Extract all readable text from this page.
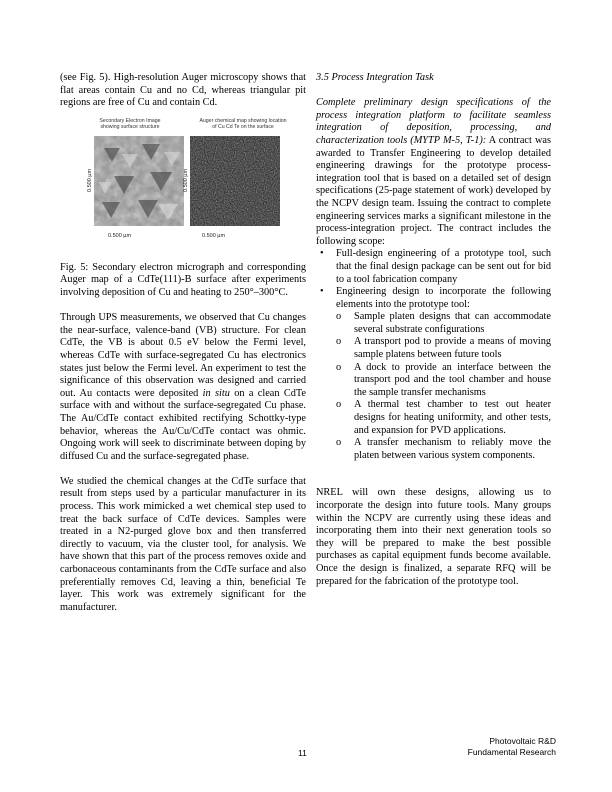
(see Fig. 5). High-resolution Auger microscopy shows that flat areas contain Cu and no Cd, whereas triangular pit regions are free of Cu and contain Cd.

Secondary Electron Image
showing surface structure
Auger chemical map showing location
of Cu Cd Te on the surface
0.500 µm	0.500 µm
0.500 µm	0.500 µm

Fig. 5: Secondary electron micrograph and corresponding Auger map of a CdTe(111)-B surface after experiments involving deposition of Cu and heating to 250°–300°C.

Through UPS measurements, we observed that Cu changes the near-surface, valence-band (VB) structure. For clean CdTe, the VB is about 0.5 eV below the Fermi level, whereas CdTe with surface-segregated Cu has electronics states just below the Fermi level. An experiment to test the significance of this observation was designed and carried out. Au contacts were deposited in situ on a clean CdTe surface with and without the surface-segregated Cu phase. The Au/CdTe contact exhibited rectifying Schottky-type behavior, whereas the Au/Cu/CdTe contact was ohmic. Ongoing work will seek to discriminate between doping by diffused Cu and the surface-segregated phase.

We studied the chemical changes at the CdTe surface that result from steps used by a particular manufacturer in its process. This work mimicked a wet chemical step used to treat the back surface of CdTe devices. Samples were treated in a N2-purged glove box and then transferred directly to vacuum, via the cluster tool, for analysis. We have shown that this part of the process removes oxide and carbonaceous contaminants from the CdTe surface and also preferentially removes Cd, leaving a thin, beneficial Te layer. This work was extremely significant for the manufacturer.

3.5 Process Integration Task

Complete preliminary design specifications of the process integration platform to facilitate seamless integration of deposition, processing, and characterization tools (MYTP M-5, T-1): A contract was awarded to Transfer Engineering to develop detailed engineering drawings for the prototype process-integration tool that is based on a detailed set of design specifications (25-page statement of work) developed by the NCPV design team. Issuing the contract to complete engineering services marks a significant milestone in the process-integration project. The contract includes the following scope:

• Full-design engineering of a prototype tool, such that the final design package can be sent out for bid to a tool fabrication company
• Engineering design to incorporate the following elements into the prototype tool:
o Sample platen designs that can accommodate several substrate configurations
o A transport pod to provide a means of moving sample platens between future tools
o A dock to provide an interface between the transport pod and the tool chamber and house the sample transfer mechanisms
o A thermal test chamber to test out heater designs for heating uniformity, and other tests, and expansion for PVD applications.
o A transfer mechanism to reliably move the platen between various system components.

NREL will own these designs, allowing us to incorporate the design into future tools. Many groups within the NCPV are currently using these ideas and incorporating them into their next generation tools so they will be prepared to make the best possible purchases as capital equipment funds become available. Once the design is finalized, a separate RFQ will be prepared for the fabrication of the prototype tool.

11
Photovoltaic R&D
Fundamental Research
